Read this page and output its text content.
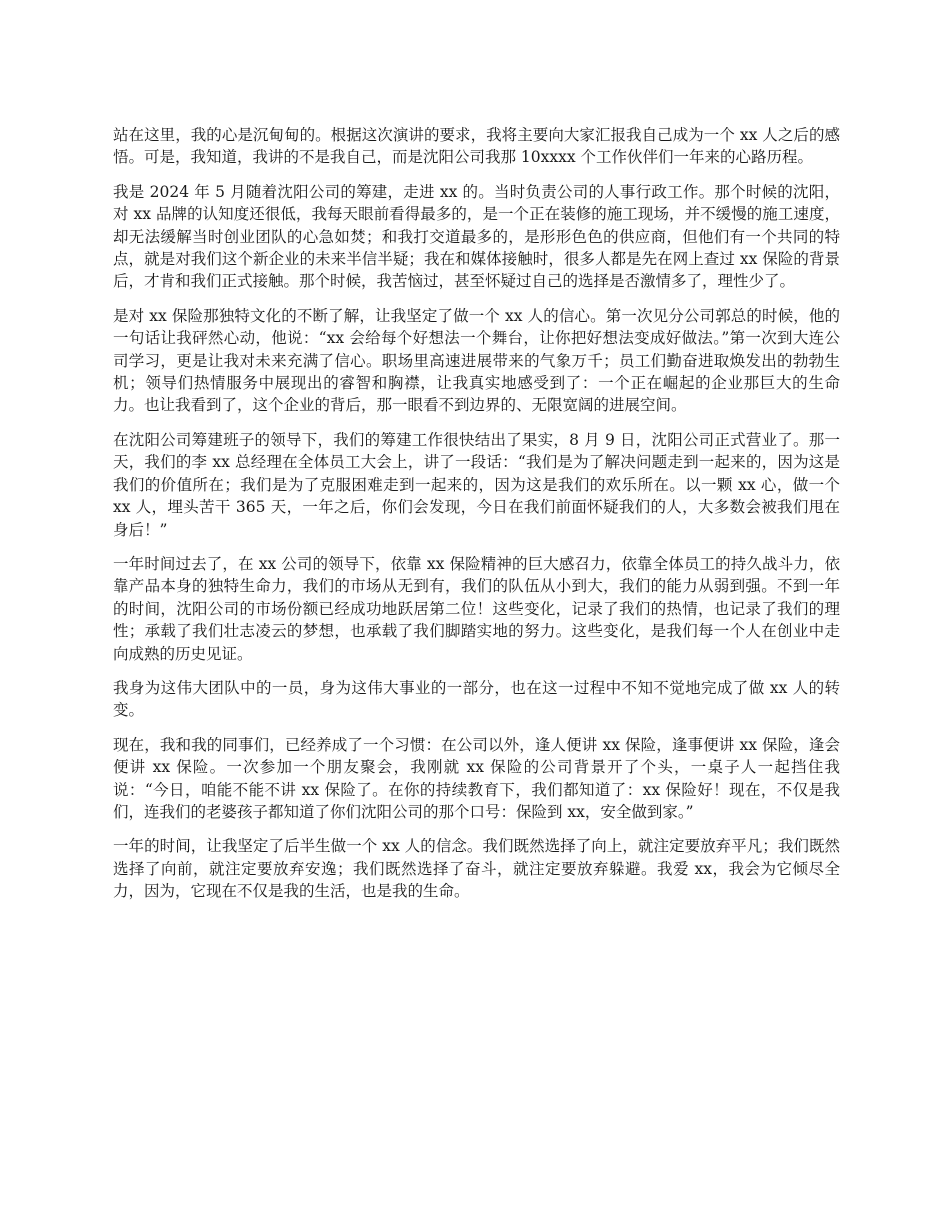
站在这里，我的心是沉甸甸的。根据这次演讲的要求，我将主要向大家汇报我自己成为一个 xx 人之后的感悟。可是，我知道，我讲的不是我自己，而是沈阳公司我那 10xxxx 个工作伙伴们一年来的心路历程。

我是 2024 年 5 月随着沈阳公司的筹建，走进 xx 的。当时负责公司的人事行政工作。那个时候的沈阳，对 xx 品牌的认知度还很低，我每天眼前看得最多的，是一个正在装修的施工现场，并不缓慢的施工速度，却无法缓解当时创业团队的心急如焚；和我打交道最多的，是形形色色的供应商，但他们有一个共同的特点，就是对我们这个新企业的未来半信半疑；我在和媒体接触时，很多人都是先在网上查过 xx 保险的背景后，才肯和我们正式接触。那个时候，我苦恼过，甚至怀疑过自己的选择是否激情多了，理性少了。

是对 xx 保险那独特文化的不断了解，让我坚定了做一个 xx 人的信心。第一次见分公司郭总的时候，他的一句话让我砰然心动，他说：“xx 会给每个好想法一个舞台，让你把好想法变成好做法。”第一次到大连公司学习，更是让我对未来充满了信心。职场里高速进展带来的气象万千；员工们勤奋进取焕发出的勃勃生机；领导们热情服务中展现出的睿智和胸襟，让我真实地感受到了：一个正在崛起的企业那巨大的生命力。也让我看到了，这个企业的背后，那一眼看不到边界的、无限宽阔的进展空间。

在沈阳公司筹建班子的领导下，我们的筹建工作很快结出了果实，8 月 9 日，沈阳公司正式营业了。那一天，我们的李 xx 总经理在全体员工大会上，讲了一段话：“我们是为了解决问题走到一起来的，因为这是我们的价值所在；我们是为了克服困难走到一起来的，因为这是我们的欢乐所在。以一颗 xx 心，做一个 xx 人，埋头苦干 365 天，一年之后，你们会发现，今日在我们前面怀疑我们的人，大多数会被我们甩在身后！”

一年时间过去了，在 xx 公司的领导下，依靠 xx 保险精神的巨大感召力，依靠全体员工的持久战斗力，依靠产品本身的独特生命力，我们的市场从无到有，我们的队伍从小到大，我们的能力从弱到强。不到一年的时间，沈阳公司的市场份额已经成功地跃居第二位！这些变化，记录了我们的热情，也记录了我们的理性；承载了我们壮志凌云的梦想，也承载了我们脚踏实地的努力。这些变化，是我们每一个人在创业中走向成熟的历史见证。

我身为这伟大团队中的一员，身为这伟大事业的一部分，也在这一过程中不知不觉地完成了做 xx 人的转变。

现在，我和我的同事们，已经养成了一个习惯：在公司以外，逢人便讲 xx 保险，逢事便讲 xx 保险，逢会便讲 xx 保险。一次参加一个朋友聚会，我刚就 xx 保险的公司背景开了个头，一桌子人一起挡住我说：“今日，咱能不能不讲 xx 保险了。在你的持续教育下，我们都知道了：xx 保险好！现在，不仅是我们，连我们的老婆孩子都知道了你们沈阳公司的那个口号：保险到 xx，安全做到家。”

一年的时间，让我坚定了后半生做一个 xx 人的信念。我们既然选择了向上，就注定要放弃平凡；我们既然选择了向前，就注定要放弃安逸；我们既然选择了奋斗，就注定要放弃躲避。我爱 xx，我会为它倾尽全力，因为，它现在不仅是我的生活，也是我的生命。
